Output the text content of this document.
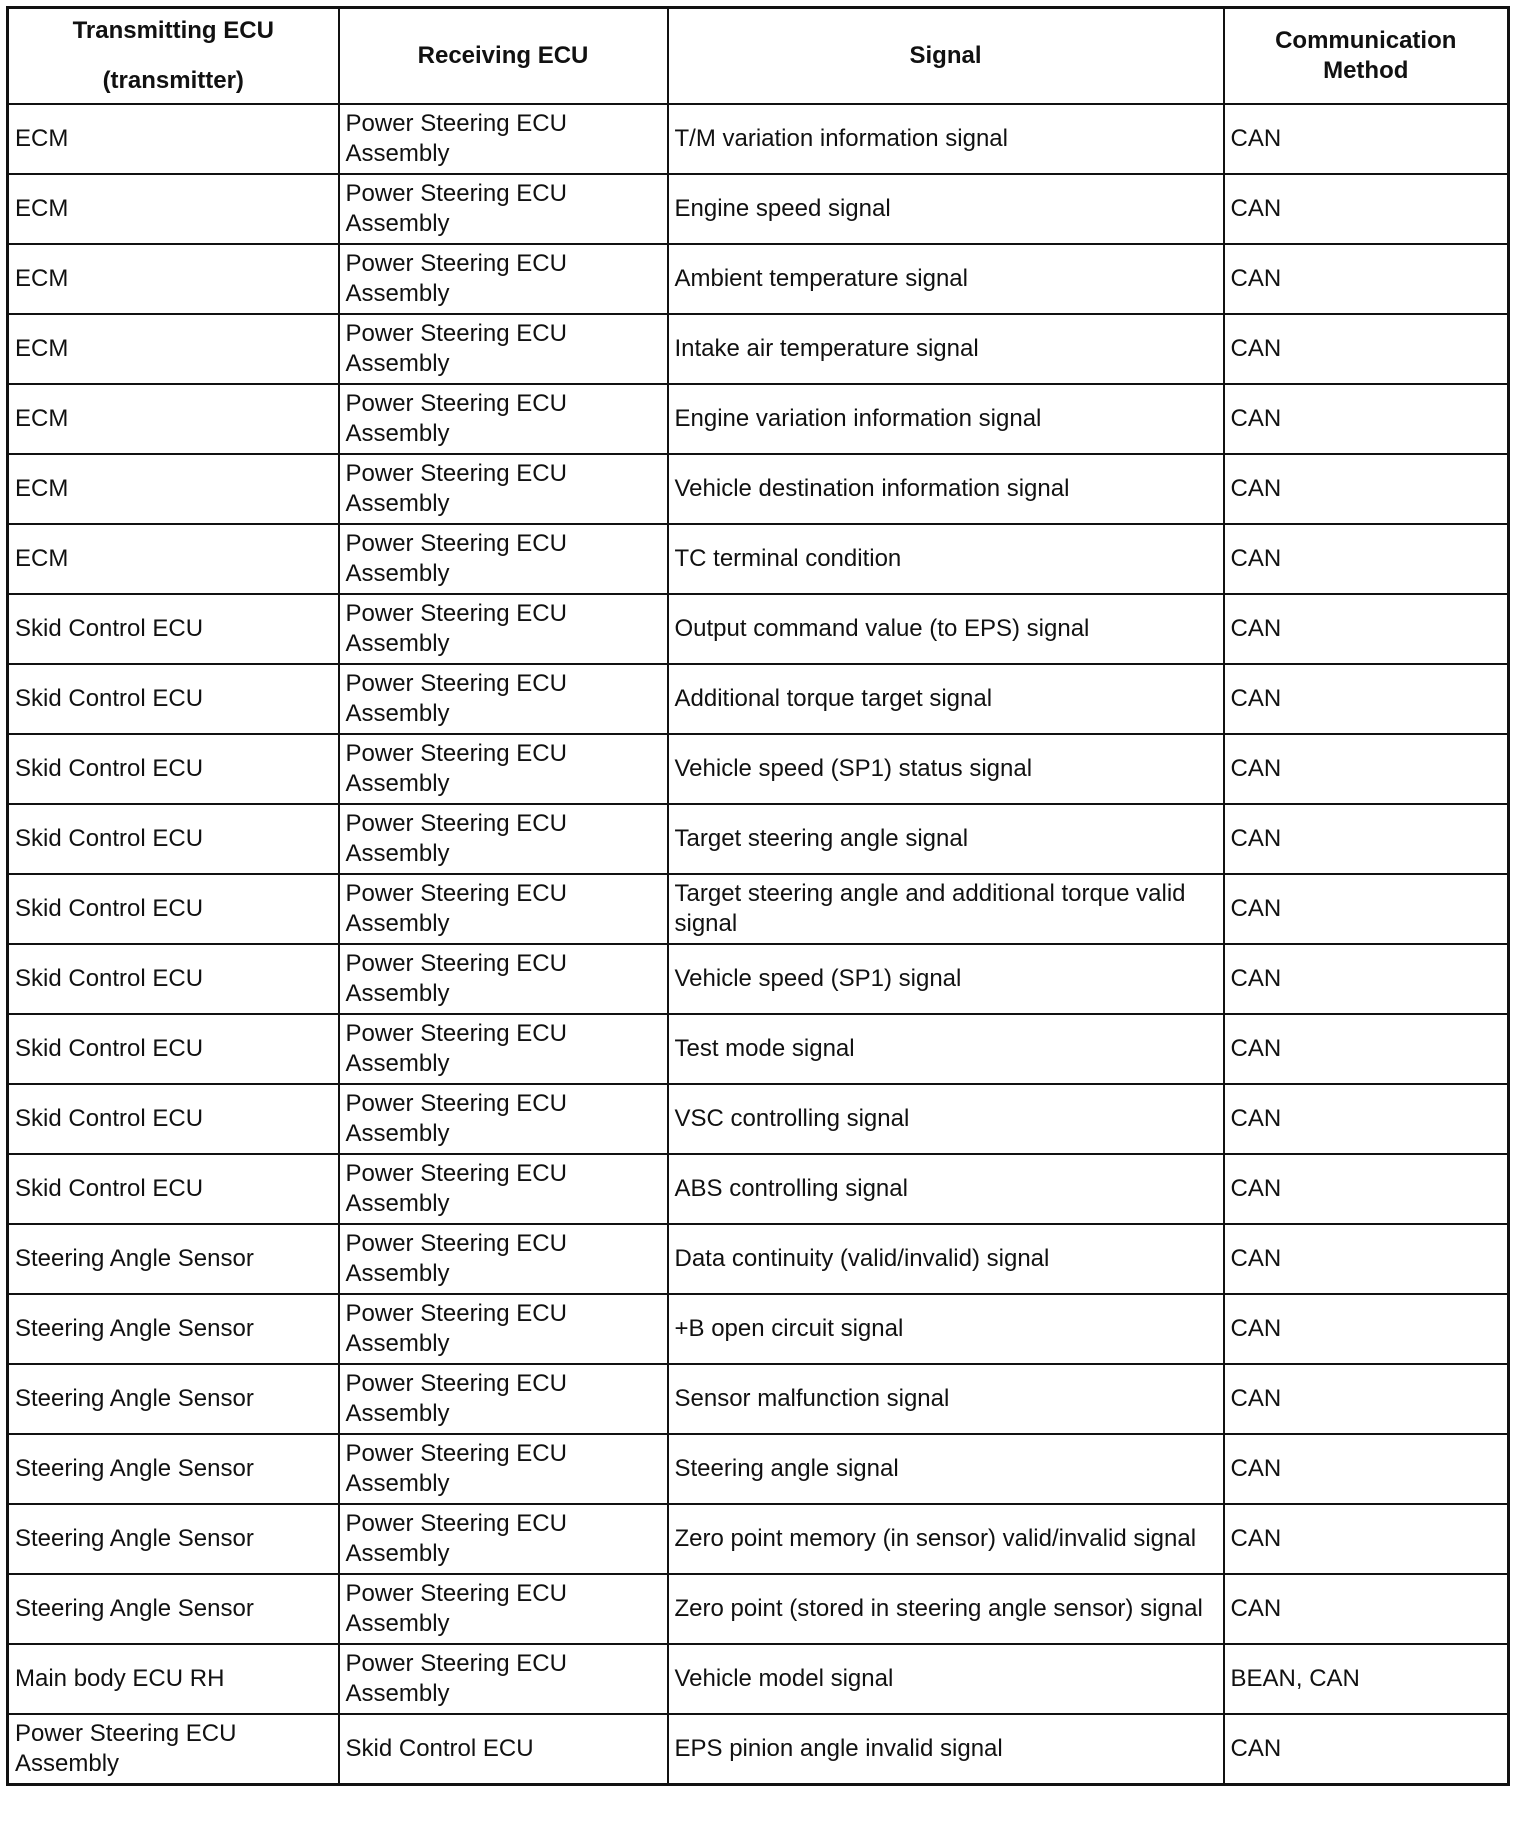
Transmitting ECU
(transmitter)	Receiving ECU	Signal	Communication Method
ECM	Power Steering ECU Assembly	T/M variation information signal	CAN
ECM	Power Steering ECU Assembly	Engine speed signal	CAN
ECM	Power Steering ECU Assembly	Ambient temperature signal	CAN
ECM	Power Steering ECU Assembly	Intake air temperature signal	CAN
ECM	Power Steering ECU Assembly	Engine variation information signal	CAN
ECM	Power Steering ECU Assembly	Vehicle destination information signal	CAN
ECM	Power Steering ECU Assembly	TC terminal condition	CAN
Skid Control ECU	Power Steering ECU Assembly	Output command value (to EPS) signal	CAN
Skid Control ECU	Power Steering ECU Assembly	Additional torque target signal	CAN
Skid Control ECU	Power Steering ECU Assembly	Vehicle speed (SP1) status signal	CAN
Skid Control ECU	Power Steering ECU Assembly	Target steering angle signal	CAN
Skid Control ECU	Power Steering ECU Assembly	Target steering angle and additional torque valid signal	CAN
Skid Control ECU	Power Steering ECU Assembly	Vehicle speed (SP1) signal	CAN
Skid Control ECU	Power Steering ECU Assembly	Test mode signal	CAN
Skid Control ECU	Power Steering ECU Assembly	VSC controlling signal	CAN
Skid Control ECU	Power Steering ECU Assembly	ABS controlling signal	CAN
Steering Angle Sensor	Power Steering ECU Assembly	Data continuity (valid/invalid) signal	CAN
Steering Angle Sensor	Power Steering ECU Assembly	+B open circuit signal	CAN
Steering Angle Sensor	Power Steering ECU Assembly	Sensor malfunction signal	CAN
Steering Angle Sensor	Power Steering ECU Assembly	Steering angle signal	CAN
Steering Angle Sensor	Power Steering ECU Assembly	Zero point memory (in sensor) valid/invalid signal	CAN
Steering Angle Sensor	Power Steering ECU Assembly	Zero point (stored in steering angle sensor) signal	CAN
Main body ECU RH	Power Steering ECU Assembly	Vehicle model signal	BEAN, CAN
Power Steering ECU Assembly	Skid Control ECU	EPS pinion angle invalid signal	CAN
